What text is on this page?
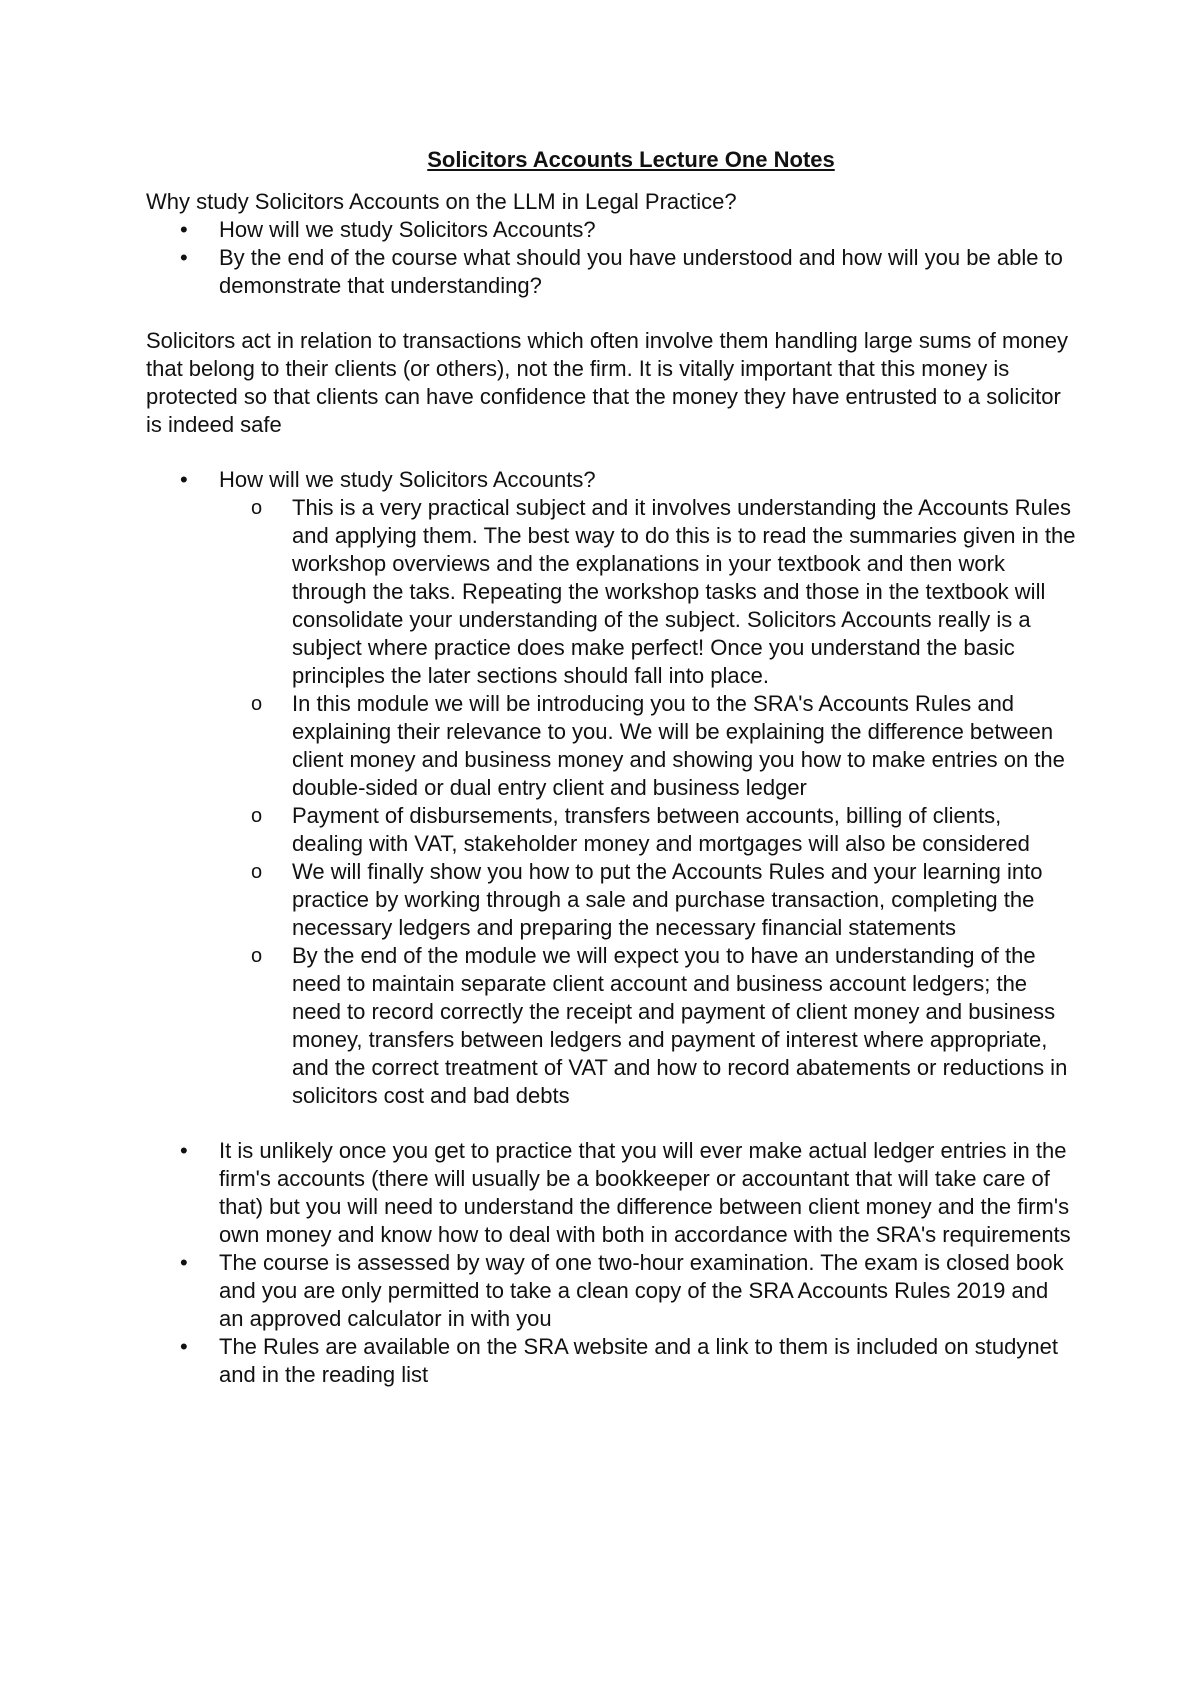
Solicitors Accounts Lecture One Notes

Why study Solicitors Accounts on the LLM in Legal Practice?

•	How will we study Solicitors Accounts?
•	By the end of the course what should you have understood and how will you be able to demonstrate that understanding?

Solicitors act in relation to transactions which often involve them handling large sums of money that belong to their clients (or others), not the firm. It is vitally important that this money is protected so that clients can have confidence that the money they have entrusted to a solicitor is indeed safe

•	How will we study Solicitors Accounts?
o This is a very practical subject and it involves understanding the Accounts Rules and applying them. The best way to do this is to read the summaries given in the workshop overviews and the explanations in your textbook and then work through the taks. Repeating the workshop tasks and those in the textbook will consolidate your understanding of the subject. Solicitors Accounts really is a subject where practice does make perfect! Once you understand the basic principles the later sections should fall into place.
o In this module we will be introducing you to the SRA's Accounts Rules and explaining their relevance to you. We will be explaining the difference between client money and business money and showing you how to make entries on the double-sided or dual entry client and business ledger
o Payment of disbursements, transfers between accounts, billing of clients, dealing with VAT, stakeholder money and mortgages will also be considered
o We will finally show you how to put the Accounts Rules and your learning into practice by working through a sale and purchase transaction, completing the necessary ledgers and preparing the necessary financial statements
o By the end of the module we will expect you to have an understanding of the need to maintain separate client account and business account ledgers; the need to record correctly the receipt and payment of client money and business money, transfers between ledgers and payment of interest where appropriate, and the correct treatment of VAT and how to record abatements or reductions in solicitors cost and bad debts
•	It is unlikely once you get to practice that you will ever make actual ledger entries in the firm's accounts (there will usually be a bookkeeper or accountant that will take care of that) but you will need to understand the difference between client money and the firm's own money and know how to deal with both in accordance with the SRA's requirements
•	The course is assessed by way of one two-hour examination. The exam is closed book and you are only permitted to take a clean copy of the SRA Accounts Rules 2019 and an approved calculator in with you
•	The Rules are available on the SRA website and a link to them is included on studynet and in the reading list
